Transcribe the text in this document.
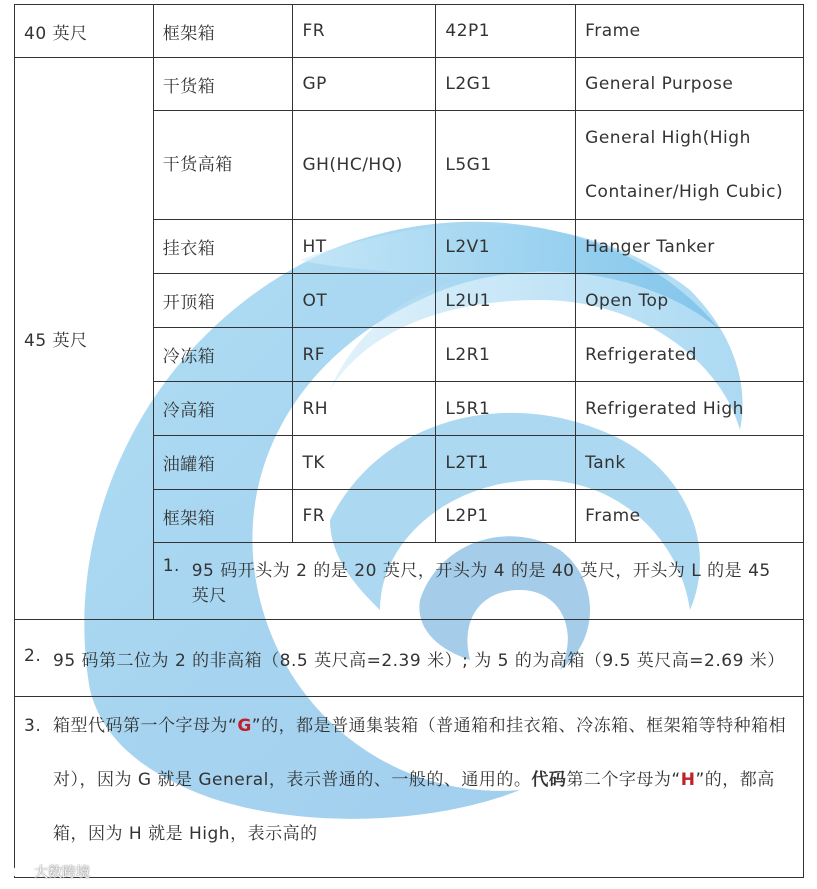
40 英尺	框架箱	FR	42P1	Frame
45 英尺	干货箱	GP	L2G1	General Purpose

	干货高箱	GH(HC/HQ)	L5G1	General High(High
Container/High Cubic)

	挂衣箱	HT	L2V1	Hanger Tanker
	开顶箱	OT	L2U1	Open Top
	冷冻箱	RF	L2R1	Refrigerated
	冷高箱	RH	L5R1	Refrigerated High
	油罐箱	TK	L2T1	Tank
	框架箱	FR	L2P1	Frame

	1. 95 码开头为 2 的是 20 英尺，开头为 4 的是 40 英尺，开头为 L 的是 45 英尺			

2. 95 码第二位为 2 的非高箱（8.5 英尺高=2.39 米）; 为 5 的为高箱（9.5 英尺高=2.69 米）				

3. 箱型代码第一个字母为“G”的，都是普通集装箱（普通箱和挂衣箱、冷冻箱、框架箱等特种箱相对），因为 G 就是 General，表示普通的、一般的、通用的。代码第二个字母为“H”的，都高箱，因为 H 就是 High，表示高的				

大数跨境
